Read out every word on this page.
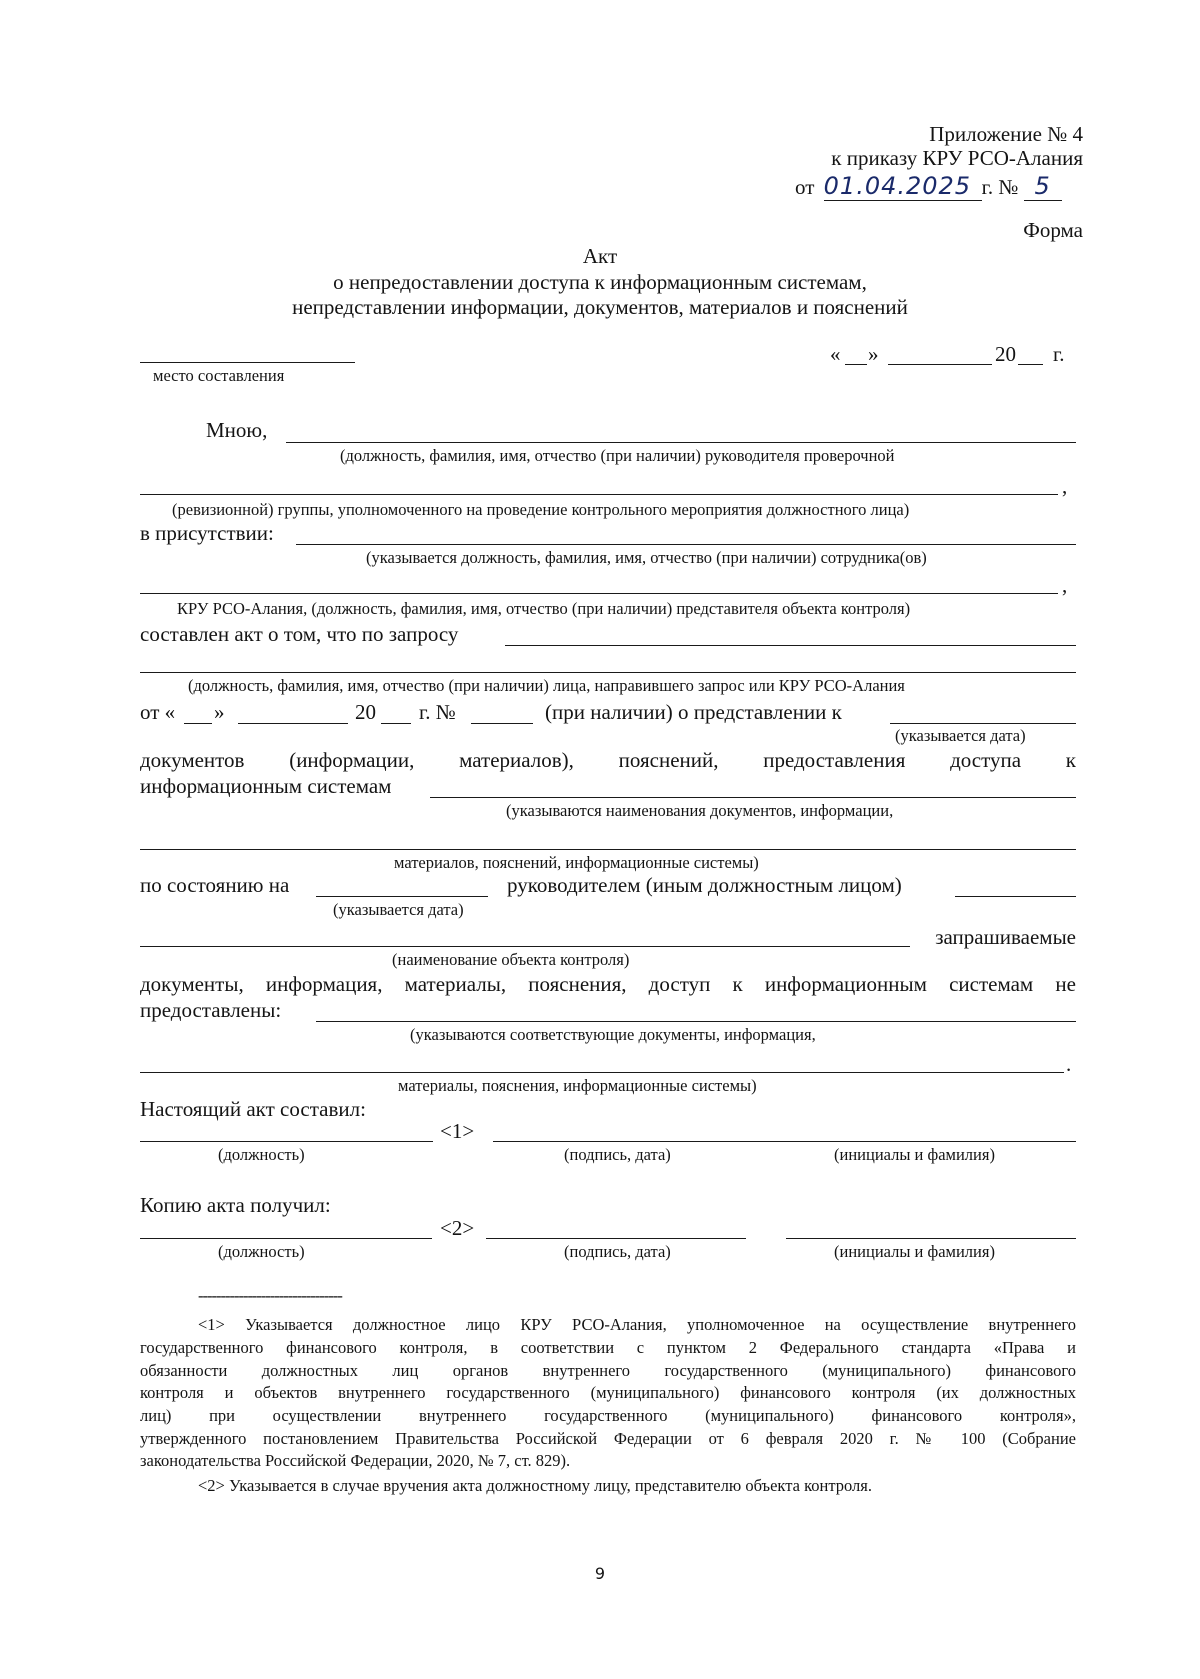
Приложение № 4
к приказу КРУ РСО-Алания
от 01.04.2025 г. № 5
Форма
Акт
о непредоставлении доступа к информационным системам,
непредставлении информации, документов, материалов и пояснений
место составления
« »	20 г.
Мною,
(должность, фамилия, имя, отчество (при наличии) руководителя проверочной
,
(ревизионной) группы, уполномоченного на проведение контрольного мероприятия должностного лица)
в присутствии:
(указывается должность, фамилия, имя, отчество (при наличии) сотрудника(ов)
,
КРУ РСО-Алания, (должность, фамилия, имя, отчество (при наличии) представителя объекта контроля)
составлен акт о том, что по запросу
(должность, фамилия, имя, отчество (при наличии) лица, направившего запрос или КРУ РСО-Алания
от « »	20 г. №	(при наличии) о представлении к
(указывается дата)
документов (информации, материалов), пояснений, предоставления доступа к
информационным системам
(указываются наименования документов, информации,
материалов, пояснений, информационные системы)
по состоянию на	руководителем (иным должностным лицом)
(указывается дата)
запрашиваемые
(наименование объекта контроля)
документы, информация, материалы, пояснения, доступ к информационным системам не
предоставлены:
(указываются соответствующие документы, информация,
.
материалы, пояснения, информационные системы)
Настоящий акт составил:
<1>
(должность)	(подпись, дата)	(инициалы и фамилия)
Копию акта получил:
<2>
(должность)	(подпись, дата)	(инициалы и фамилия)
--------------------------------
<1> Указывается должностное лицо КРУ РСО-Алания, уполномоченное на осуществление внутреннего
государственного финансового контроля, в соответствии с пунктом 2 Федерального стандарта «Права и
обязанности должностных лиц органов внутреннего государственного (муниципального) финансового
контроля и объектов внутреннего государственного (муниципального) финансового контроля (их должностных
лиц) при осуществлении внутреннего государственного (муниципального) финансового контроля»,
утвержденного постановлением Правительства Российской Федерации от 6 февраля 2020 г. № 100 (Собрание
законодательства Российской Федерации, 2020, № 7, ст. 829).
<2> Указывается в случае вручения акта должностному лицу, представителю объекта контроля.
9
